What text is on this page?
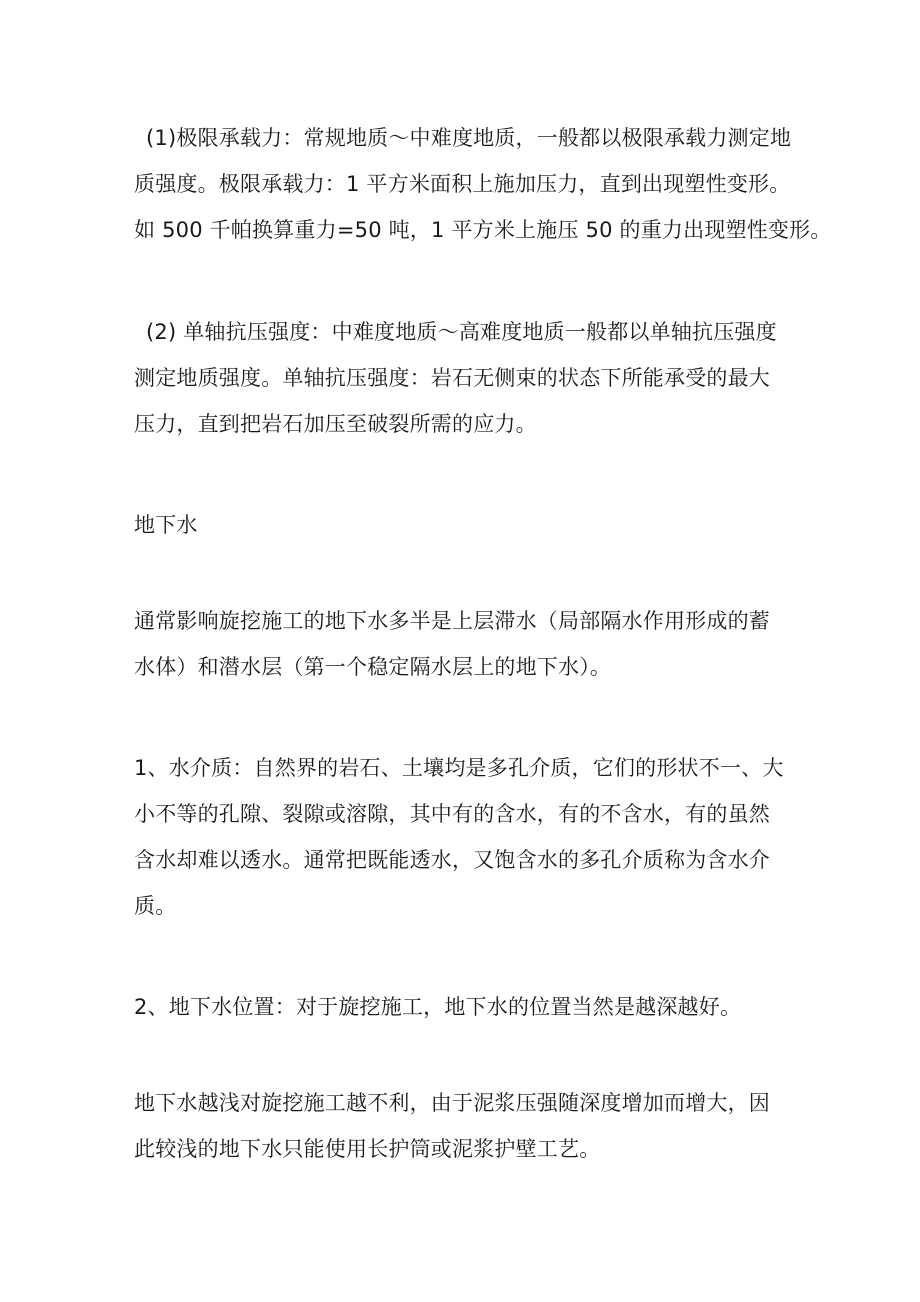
(1)极限承载力：常规地质～中难度地质，一般都以极限承载力测定地
质强度。极限承载力：1 平方米面积上施加压力，直到出现塑性变形。
如 500 千帕换算重力=50 吨，1 平方米上施压 50 的重力出现塑性变形。

(2) 单轴抗压强度：中难度地质～高难度地质一般都以单轴抗压强度
测定地质强度。单轴抗压强度：岩石无侧束的状态下所能承受的最大
压力，直到把岩石加压至破裂所需的应力。

地下水

通常影响旋挖施工的地下水多半是上层滞水（局部隔水作用形成的蓄
水体）和潜水层（第一个稳定隔水层上的地下水）。

1、水介质：自然界的岩石、土壤均是多孔介质，它们的形状不一、大
小不等的孔隙、裂隙或溶隙，其中有的含水，有的不含水，有的虽然
含水却难以透水。通常把既能透水，又饱含水的多孔介质称为含水介
质。

2、地下水位置：对于旋挖施工，地下水的位置当然是越深越好。

地下水越浅对旋挖施工越不利，由于泥浆压强随深度增加而增大，因
此较浅的地下水只能使用长护筒或泥浆护壁工艺。
